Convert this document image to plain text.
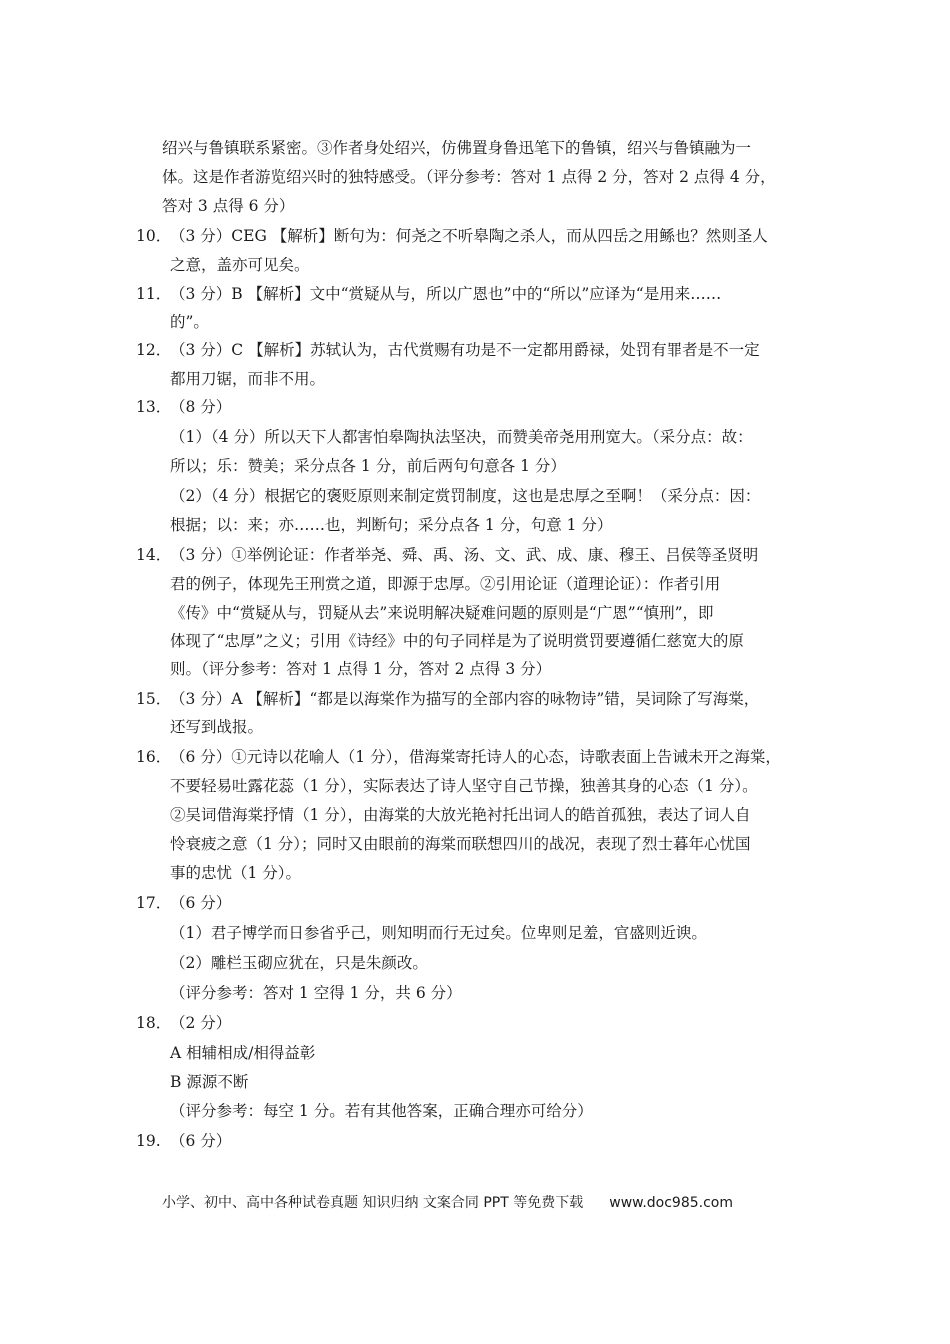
绍兴与鲁镇联系紧密。③作者身处绍兴，仿佛置身鲁迅笔下的鲁镇，绍兴与鲁镇融为一
体。这是作者游览绍兴时的独特感受。（评分参考：答对 1 点得 2 分，答对 2 点得 4 分，
答对 3 点得 6 分）
10．
（3 分）CEG 【解析】断句为：何尧之不听皋陶之杀人，而从四岳之用鲧也？然则圣人
之意，盖亦可见矣。
11．
（3 分）B 【解析】文中“赏疑从与，所以广恩也”中的“所以”应译为“是用来……
的”。
12．
（3 分）C 【解析】苏轼认为，古代赏赐有功是不一定都用爵禄，处罚有罪者是不一定
都用刀锯，而非不用。
13．
（8 分）
（1）（4 分）所以天下人都害怕皋陶执法坚决，而赞美帝尧用刑宽大。（采分点：故：
所以；乐：赞美；采分点各 1 分，前后两句句意各 1 分）
（2）（4 分）根据它的褒贬原则来制定赏罚制度，这也是忠厚之至啊！（采分点：因：
根据；以：来；亦……也，判断句；采分点各 1 分，句意 1 分）
14．
（3 分）①举例论证：作者举尧、舜、禹、汤、文、武、成、康、穆王、吕侯等圣贤明
君的例子，体现先王刑赏之道，即源于忠厚。②引用论证（道理论证）：作者引用
《传》中“赏疑从与，罚疑从去”来说明解决疑难问题的原则是“广恩”“慎刑”，即
体现了“忠厚”之义；引用《诗经》中的句子同样是为了说明赏罚要遵循仁慈宽大的原
则。（评分参考：答对 1 点得 1 分，答对 2 点得 3 分）
15．
（3 分）A 【解析】“都是以海棠作为描写的全部内容的咏物诗”错，吴词除了写海棠，
还写到战报。
16．
（6 分）①元诗以花喻人（1 分），借海棠寄托诗人的心态，诗歌表面上告诫未开之海棠，
不要轻易吐露花蕊（1 分），实际表达了诗人坚守自己节操，独善其身的心态（1 分）。
②吴词借海棠抒情（1 分），由海棠的大放光艳衬托出词人的皓首孤独，表达了词人自
怜衰疲之意（1 分）；同时又由眼前的海棠而联想四川的战况，表现了烈士暮年心忧国
事的忠忧（1 分）。
17．
（6 分）
（1）君子博学而日参省乎己，则知明而行无过矣。位卑则足羞，官盛则近谀。
（2）雕栏玉砌应犹在，只是朱颜改。
（评分参考：答对 1 空得 1 分，共 6 分）
18．
（2 分）
A 相辅相成/相得益彰
B 源源不断
（评分参考：每空 1 分。若有其他答案，正确合理亦可给分）
19. （6 分）
小学、初中、高中各种试卷真题 知识归纳 文案合同 PPT 等免费下载 www.doc985.com
